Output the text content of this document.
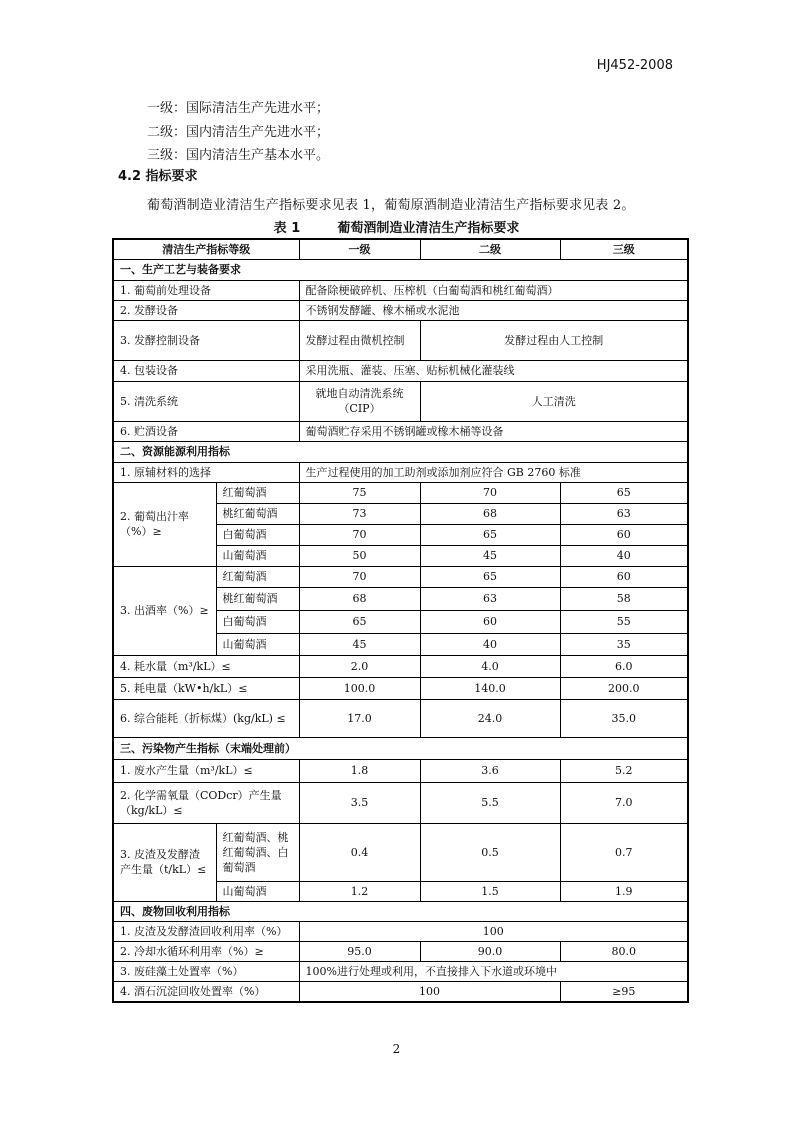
HJ452-2008
一级：国际清洁生产先进水平；
二级：国内清洁生产先进水平；
三级：国内清洁生产基本水平。
4.2 指标要求
葡萄酒制造业清洁生产指标要求见表 1，葡萄原酒制造业清洁生产指标要求见表 2。
表 1	葡萄酒制造业清洁生产指标要求
清洁生产指标等级		一级	二级	三级
一、生产工艺与装备要求				
1. 葡萄前处理设备		配备除梗破碎机、压榨机（白葡萄酒和桃红葡萄酒）		
2. 发酵设备		不锈钢发酵罐、橡木桶或水泥池		
3. 发酵控制设备		发酵过程由微机控制	发酵过程由人工控制	
4. 包装设备		采用洗瓶、灌装、压塞、贴标机械化灌装线		
5. 清洗系统		就地自动清洗系统（CIP）	人工清洗	
6. 贮酒设备		葡萄酒贮存采用不锈钢罐或橡木桶等设备		
二、资源能源利用指标				
1. 原辅材料的选择		生产过程使用的加工助剂或添加剂应符合 GB 2760 标准		
2. 葡萄出汁率（%）≥	红葡萄酒	75	70	65
	桃红葡萄酒	73	68	63
	白葡萄酒	70	65	60
	山葡萄酒	50	45	40
3. 出酒率（%）≥	红葡萄酒	70	65	60
	桃红葡萄酒	68	63	58
	白葡萄酒	65	60	55
	山葡萄酒	45	40	35
4. 耗水量（m³/kL）≤		2.0	4.0	6.0
5. 耗电量（kW•h/kL）≤		100.0	140.0	200.0
6. 综合能耗（折标煤）(kg/kL) ≤		17.0	24.0	35.0
三、污染物产生指标（末端处理前）				
1. 废水产生量（m³/kL）≤		1.8	3.6	5.2
2. 化学需氧量（CODcr）产生量（kg/kL）≤		3.5	5.5	7.0
3. 皮渣及发酵渣产生量（t/kL）≤	红葡萄酒、桃红葡萄酒、白葡萄酒	0.4	0.5	0.7
	山葡萄酒	1.2	1.5	1.9
四、废物回收利用指标				
1. 皮渣及发酵渣回收利用率（%）		100		
2. 冷却水循环利用率（%）≥		95.0	90.0	80.0
3. 废硅藻土处置率（%）		100%进行处理或利用，不直接排入下水道或环境中		
4. 酒石沉淀回收处置率（%）		100		≥95
2
